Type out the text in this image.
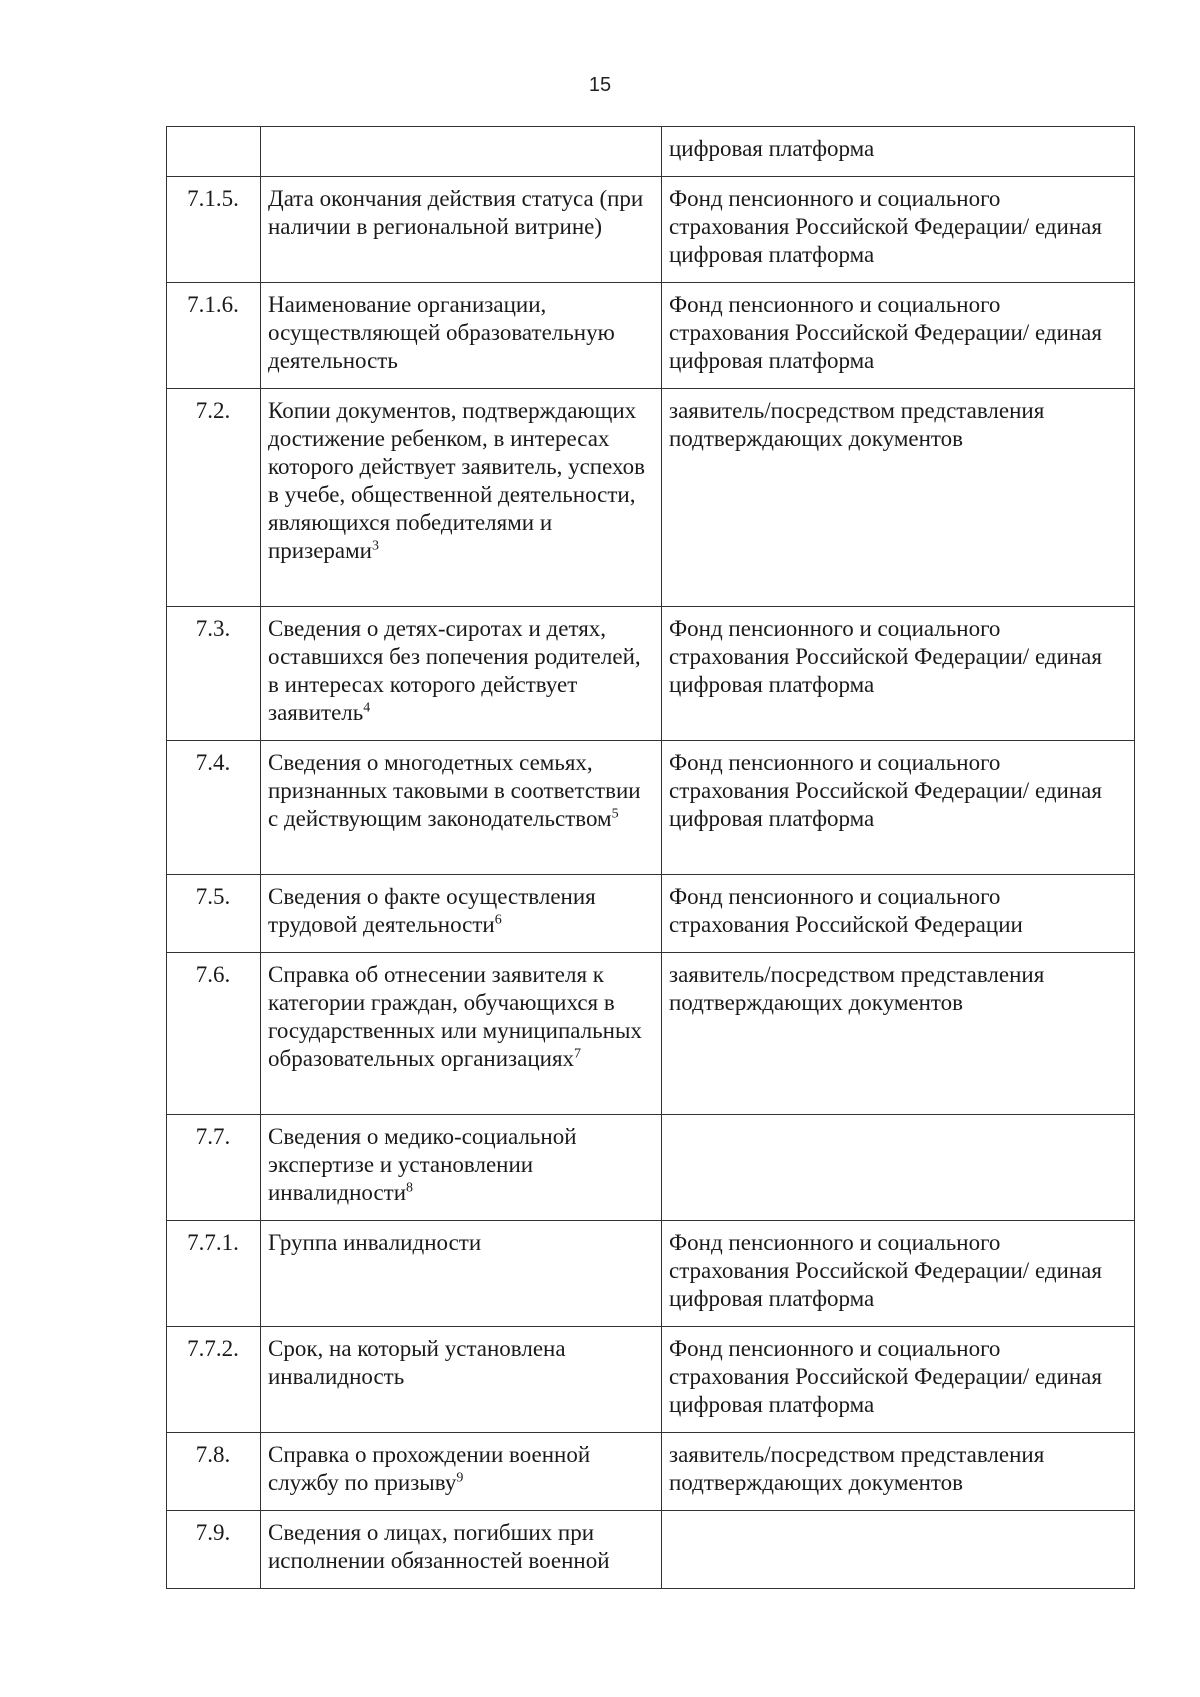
15
		цифровая платформа
7.1.5.	Дата окончания действия статуса (при наличии в региональной витрине)	Фонд пенсионного и социального страхования Российской Федерации/ единая цифровая платформа
7.1.6.	Наименование организации, осуществляющей образовательную деятельность	Фонд пенсионного и социального страхования Российской Федерации/ единая цифровая платформа
7.2.	Копии документов, подтверждающих достижение ребенком, в интересах которого действует заявитель, успехов в учебе, общественной деятельности, являющихся победителями и призерами$^3$	заявитель/посредством представления подтверждающих документов
7.3.	Сведения о детях-сиротах и детях, оставшихся без попечения родителей, в интересах которого действует заявитель$^4$	Фонд пенсионного и социального страхования Российской Федерации/ единая цифровая платформа
7.4.	Сведения о многодетных семьях, признанных таковыми в соответствии с действующим законодательством$^5$	Фонд пенсионного и социального страхования Российской Федерации/ единая цифровая платформа
7.5.	Сведения о факте осуществления трудовой деятельности$^6$	Фонд пенсионного и социального страхования Российской Федерации
7.6.	Справка об отнесении заявителя к категории граждан, обучающихся в государственных или муниципальных образовательных организациях$^7$	заявитель/посредством представления подтверждающих документов
7.7.	Сведения о медико-социальной экспертизе и установлении инвалидности$^8$	
7.7.1.	Группа инвалидности	Фонд пенсионного и социального страхования Российской Федерации/ единая цифровая платформа
7.7.2.	Срок, на который установлена инвалидность	Фонд пенсионного и социального страхования Российской Федерации/ единая цифровая платформа
7.8.	Справка о прохождении военной службу по призыву$^9$	заявитель/посредством представления подтверждающих документов
7.9.	Сведения о лицах, погибших при исполнении обязанностей военной	
